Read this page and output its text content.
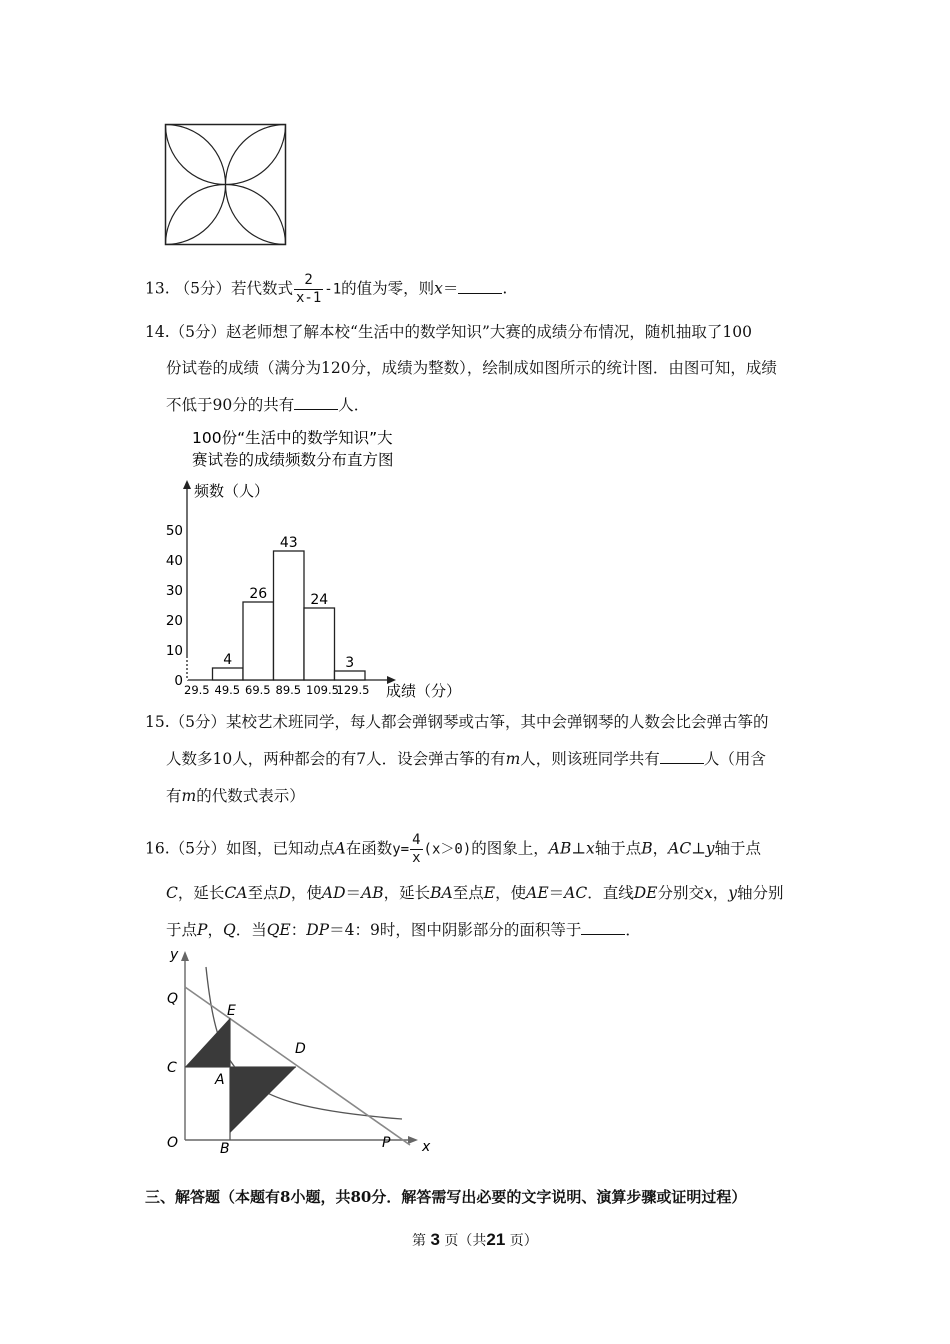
13. （5分）若代数式 $\frac{2}{x-1} -1$的值为零，则x＝	.
14.（5分）赵老师想了解本校“生活中的数学知识”大赛的成绩分布情况，随机抽取了100
份试卷的成绩（满分为120分，成绩为整数），绘制成如图所示的统计图．由图可知，成绩
不低于90分的共有	人．
100份“生活中的数学知识”大
赛试卷的成绩频数分布直方图
频数（人）
成绩（分）
0
10
20
30
40
50
4
26
43
24
3
29.5 49.5 69.5 89.5 109.5
129.5
15.（5分）某校艺术班同学，每人都会弹钢琴或古筝，其中会弹钢琴的人数会比会弹古筝的
人数多10人，两种都会的有7人．设会弹古筝的有m人，则该班同学共有	人（用含
有m的代数式表示）
16.（5分）如图，已知动点A在函数$y= \frac{4}{x} (x>0)$的图象上，AB⊥x轴于点B，AC⊥y轴于点
C，延长CA至点D，使AD＝AB，延长BA至点E，使AE＝AC．直线DE分别交x，y轴分别
于点P，Q．当QE：DP＝4：9时，图中阴影部分的面积等于	．
y
Q
E
C
A
D
O	B	P x
三、解答题（本题有8小题，共80分．解答需写出必要的文字说明、演算步骤或证明过程）
第 3 页（共21 页）
